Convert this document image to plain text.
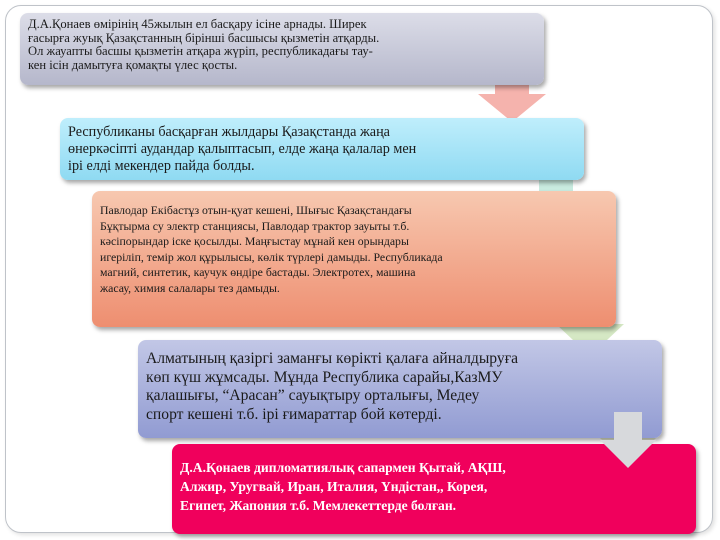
Д.А.Қонаев өмірінің 45жылын ел басқару ісіне арнады. Ширек

ғасырға жуық Қазақстанның бірінші басшысы қызметін атқарды.

Ол жауапты басшы қызметін атқара жүріп, республикадағы тау-

кен ісін дамытуға қомақты үлес қосты.

Республиканы басқарған жылдары Қазақстанда жаңа

өнеркәсіпті аудандар қалыптасып, елде жаңа қалалар мен

ірі елді мекендер пайда болды.

Павлодар Екібастұз отын-қуат кешені, Шығыс Қазақстандағы

Бұқтырма су электр станциясы, Павлодар трактор зауыты т.б.

кәсіпорындар іске қосылды. Маңғыстау мұнай кен орындары

игеріліп, темір жол құрылысы, көлік түрлері дамыды. Республикада

магний, синтетик, каучук өндіре бастады. Электротех, машина

жасау, химия салалары тез дамыды.

Алматының қазіргі заманғы көрікті қалаға айналдыруға

көп күш жұмсады. Мұнда Республика сарайы,КазМУ

қалашығы, “Арасан” сауықтыру орталығы, Медеу

спорт кешені т.б. ірі ғимараттар бой көтерді.

Д.А.Қонаев дипломатиялық сапармен Қытай, АҚШ,

Алжир, Уругвай, Иран, Италия, Үндістан,, Корея,

Египет, Жапония т.б. Мемлекеттерде болған.
